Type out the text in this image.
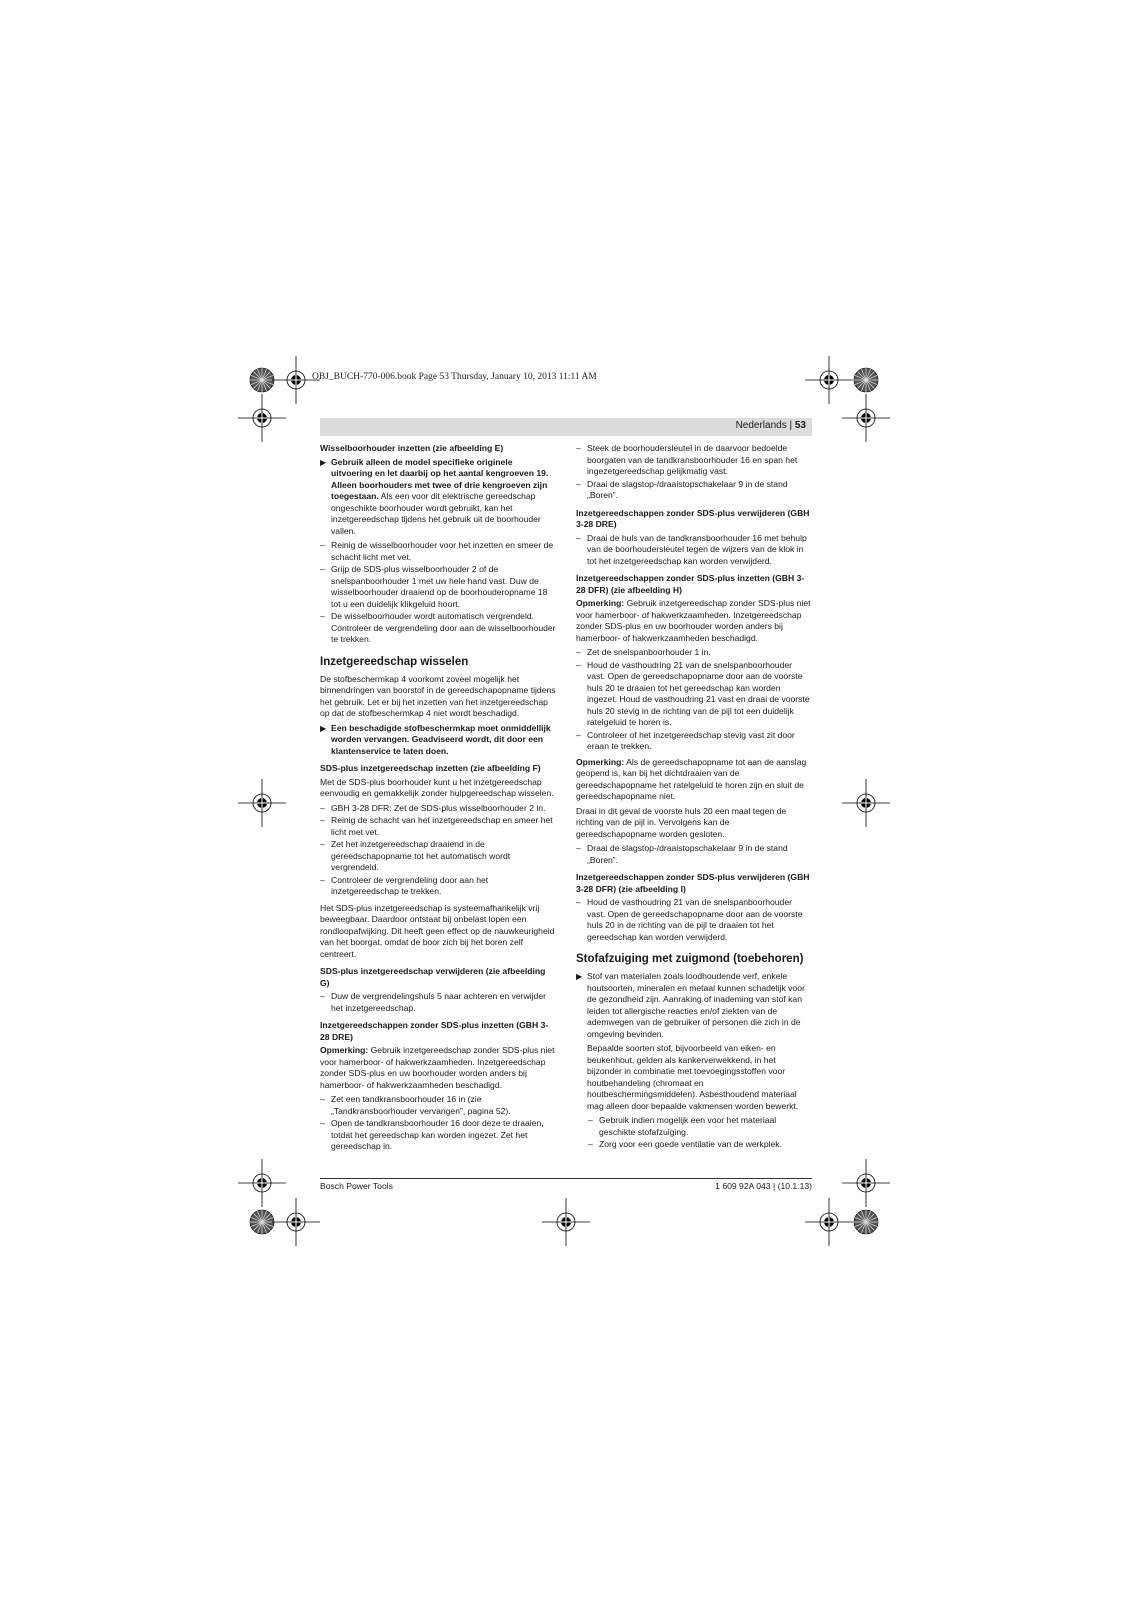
OBJ_BUCH-770-006.book Page 53 Thursday, January 10, 2013 11:11 AM
Nederlands | 53
Wisselboorhouder inzetten (zie afbeelding E)
▶ Gebruik alleen de model specifieke originele uitvoering en let daarbij op het aantal kengroeven 19. Alleen boorhouders met twee of drie kengroeven zijn toegestaan. Als een voor dit elektrische gereedschap ongeschikte boorhouder wordt gebruikt, kan het inzetgereedschap tijdens het gebruik uit de boorhouder vallen.
– Reinig de wisselboorhouder voor het inzetten en smeer de schacht licht met vet.
– Grijp de SDS-plus wisselboorhouder 2 of de snelspanboorhouder 1 met uw hele hand vast. Duw de wisselboorhouder draaiend op de boorhouderopname 18 tot u een duidelijk klikgeluid hoort.
– De wisselboorhouder wordt automatisch vergrendeld. Controleer de vergrendeling door aan de wisselboorhouder te trekken.
Inzetgereedschap wisselen

De stofbeschermkap 4 voorkomt zoveel mogelijk het binnendringen van boorstof in de gereedschapopname tijdens het gebruik. Let er bij het inzetten van het inzetgereedschap op dat de stofbeschermkap 4 niet wordt beschadigd.

▶ Een beschadigde stofbeschermkap moet onmiddellijk worden vervangen. Geadviseerd wordt, dit door een klantenservice te laten doen.
SDS-plus inzetgereedschap inzetten (zie afbeelding F)

Met de SDS-plus boorhouder kunt u het inzetgereedschap eenvoudig en gemakkelijk zonder hulpgereedschap wisselen.

– GBH 3-28 DFR: Zet de SDS-plus wisselboorhouder 2 in.
– Reinig de schacht van het inzetgereedschap en smeer het licht met vet.
– Zet het inzetgereedschap draaiend in de gereedschapopname tot het automatisch wordt vergrendeld.
– Controleer de vergrendeling door aan het inzetgereedschap te trekken.

Het SDS-plus inzetgereedschap is systeemafhankelijk vrij beweegbaar. Daardoor ontstaat bij onbelast lopen een rondloopafwijking. Dit heeft geen effect op de nauwkeurigheid van het boorgat, omdat de boor zich bij het boren zelf centreert.

SDS-plus inzetgereedschap verwijderen (zie afbeelding G)
– Duw de vergrendelingshuls 5 naar achteren en verwijder het inzetgereedschap.
Inzetgereedschappen zonder SDS-plus inzetten (GBH 3-28 DRE)

Opmerking: Gebruik inzetgereedschap zonder SDS-plus niet voor hamerboor- of hakwerkzaamheden. Inzetgereedschap zonder SDS-plus en uw boorhouder worden anders bij hamerboor- of hakwerkzaamheden beschadigd.

– Zet een tandkransboorhouder 16 in (zie „Tandkransboorhouder vervangen”, pagina 52).
– Open de tandkransboorhouder 16 door deze te draaien, totdat het gereedschap kan worden ingezet. Zet het gereedschap in.
– Steek de boorhoudersleutel in de daarvoor bedoelde boorgaten van de tandkransboorhouder 16 en span het ingezetgereedschap gelijkmatig vast.
– Draai de slagstop-/draaistopschakelaar 9 in de stand „Boren”.
Inzetgereedschappen zonder SDS-plus verwijderen (GBH 3-28 DRE)
– Draai de huls van de tandkransboorhouder 16 met behulp van de boorhoudersleutel tegen de wijzers van de klok in tot het inzetgereedschap kan worden verwijderd.
Inzetgereedschappen zonder SDS-plus inzetten (GBH 3-28 DFR) (zie afbeelding H)

Opmerking: Gebruik inzetgereedschap zonder SDS-plus niet voor hamerboor- of hakwerkzaamheden. Inzetgereedschap zonder SDS-plus en uw boorhouder worden anders bij hamerboor- of hakwerkzaamheden beschadigd.

– Zet de snelspanboorhouder 1 in.
– Houd de vasthoudring 21 van de snelspanboorhouder vast. Open de gereedschapopname door aan de voorste huls 20 te draaien tot het gereedschap kan worden ingezet. Houd de vasthoudring 21 vast en draai de voorste huls 20 stevig in de richting van de pijl tot een duidelijk ratelgeluid te horen is.
– Controleer of het inzetgereedschap stevig vast zit door eraan te trekken.

Opmerking: Als de gereedschapopname tot aan de aanslag geopend is, kan bij het dichtdraaien van de gereedschapopname het ratelgeluid te horen zijn en sluit de gereedschapopname niet.

Draai in dit geval de voorste huls 20 een maal tegen de richting van de pijl in. Vervolgens kan de gereedschapopname worden gesloten.

– Draai de slagstop-/draaistopschakelaar 9 in de stand „Boren”.
Inzetgereedschappen zonder SDS-plus verwijderen (GBH 3-28 DFR) (zie afbeelding I)
– Houd de vasthoudring 21 van de snelspanboorhouder vast. Open de gereedschapopname door aan de voorste huls 20 in de richting van de pijl te draaien tot het gereedschap kan worden verwijderd.
Stofafzuiging met zuigmond (toebehoren)
▶ Stof van materialen zoals loodhoudende verf, enkele houtsoorten, mineralen en metaal kunnen schadelijk voor de gezondheid zijn. Aanraking of inademing van stof kan leiden tot allergische reacties en/of ziekten van de ademwegen van de gebruiker of personen die zich in de omgeving bevinden.

Bepaalde soorten stof, bijvoorbeeld van eiken- en beukenhout, gelden als kankerverwekkend, in het bijzonder in combinatie met toevoegingsstoffen voor houtbehandeling (chromaat en houtbeschermingsmiddelen). Asbesthoudend materiaal mag alleen door bepaalde vakmensen worden bewerkt.

– Gebruik indien mogelijk een voor het materiaal geschikte stofafzuiging.
– Zorg voor een goede ventilatie van de werkplek.
Bosch Power Tools	1 609 92A 043 | (10.1.13)
